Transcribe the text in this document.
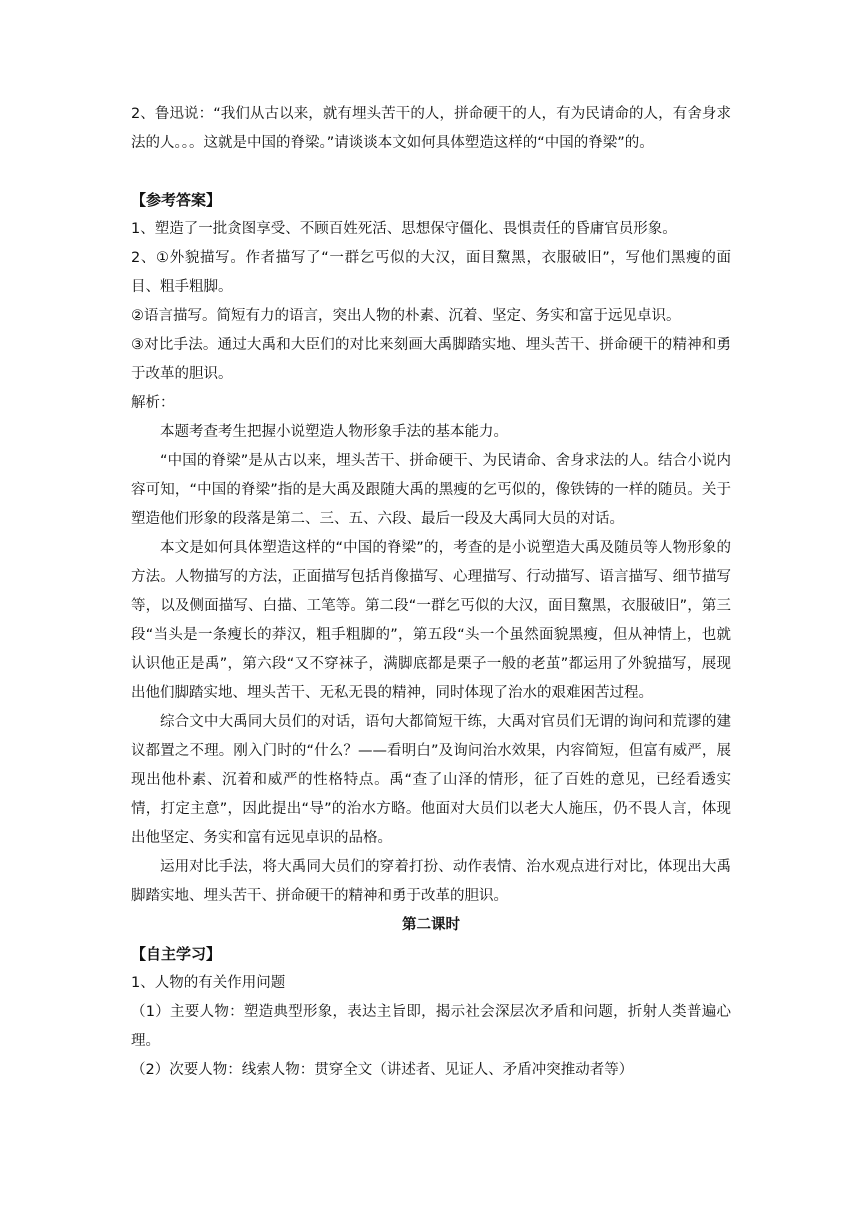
2、鲁迅说：“我们从古以来，就有埋头苦干的人，拼命硬干的人，有为民请命的人，有舍身求法的人。。。这就是中国的脊梁。”请谈谈本文如何具体塑造这样的“中国的脊梁”的。

【参考答案】

1、塑造了一批贪图享受、不顾百姓死活、思想保守僵化、畏惧责任的昏庸官员形象。

2、①外貌描写。作者描写了“一群乞丐似的大汉，面目黧黑，衣服破旧”，写他们黑瘦的面目、粗手粗脚。

②语言描写。简短有力的语言，突出人物的朴素、沉着、坚定、务实和富于远见卓识。

③对比手法。通过大禹和大臣们的对比来刻画大禹脚踏实地、埋头苦干、拼命硬干的精神和勇于改革的胆识。

解析：

本题考查考生把握小说塑造人物形象手法的基本能力。

“中国的脊梁”是从古以来，埋头苦干、拼命硬干、为民请命、舍身求法的人。结合小说内容可知，“中国的脊梁”指的是大禹及跟随大禹的黑瘦的乞丐似的，像铁铸的一样的随员。关于塑造他们形象的段落是第二、三、五、六段、最后一段及大禹同大员的对话。

本文是如何具体塑造这样的“中国的脊梁”的，考查的是小说塑造大禹及随员等人物形象的方法。人物描写的方法，正面描写包括肖像描写、心理描写、行动描写、语言描写、细节描写等，以及侧面描写、白描、工笔等。第二段“一群乞丐似的大汉，面目黧黑，衣服破旧”，第三段“当头是一条瘦长的莽汉，粗手粗脚的”，第五段“头一个虽然面貌黑瘦，但从神情上，也就认识他正是禹”，第六段“又不穿袜子，满脚底都是栗子一般的老茧”都运用了外貌描写，展现出他们脚踏实地、埋头苦干、无私无畏的精神，同时体现了治水的艰难困苦过程。

综合文中大禹同大员们的对话，语句大都简短干练，大禹对官员们无谓的询问和荒谬的建议都置之不理。刚入门时的“什么？——看明白”及询问治水效果，内容简短，但富有威严，展现出他朴素、沉着和威严的性格特点。禹“查了山泽的情形，征了百姓的意见，已经看透实情，打定主意”，因此提出“导”的治水方略。他面对大员们以老大人施压，仍不畏人言，体现出他坚定、务实和富有远见卓识的品格。

运用对比手法，将大禹同大员们的穿着打扮、动作表情、治水观点进行对比，体现出大禹脚踏实地、埋头苦干、拼命硬干的精神和勇于改革的胆识。

第二课时

【自主学习】

1、人物的有关作用问题

（1）主要人物：塑造典型形象，表达主旨即，揭示社会深层次矛盾和问题，折射人类普遍心理。

（2）次要人物：线索人物：贯穿全文（讲述者、见证人、矛盾冲突推动者等）
